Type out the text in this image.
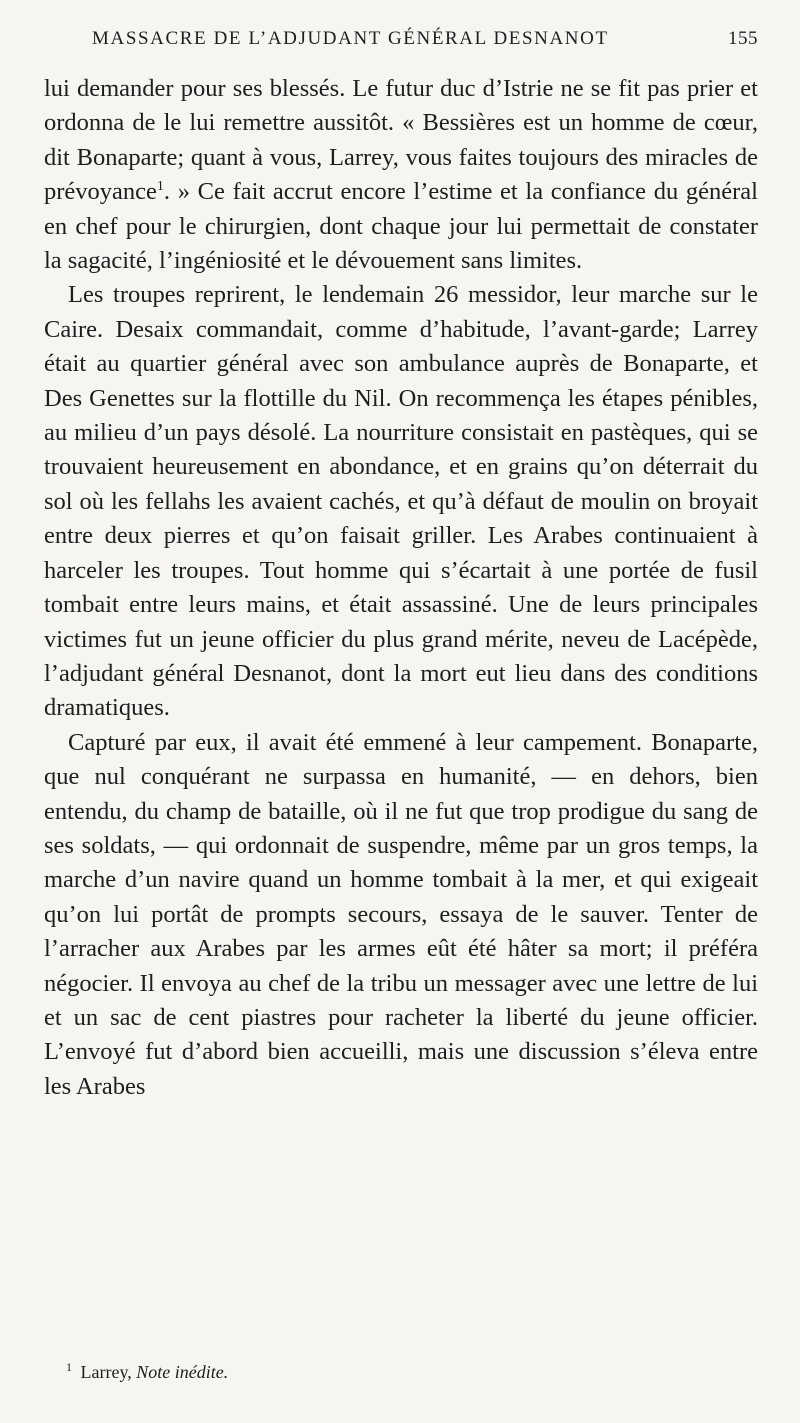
MASSACRE DE L’ADJUDANT GÉNÉRAL DESNANOT	155

lui demander pour ses blessés. Le futur duc d’Istrie ne se fit pas prier et ordonna de le lui remettre aussitôt. « Bessières est un homme de cœur, dit Bonaparte; quant à vous, Larrey, vous faites toujours des miracles de prévoyance$^1$. » Ce fait accrut encore l’estime et la confiance du général en chef pour le chirurgien, dont chaque jour lui permettait de constater la sagacité, l’ingéniosité et le dévouement sans limites.

Les troupes reprirent, le lendemain 26 messidor, leur marche sur le Caire. Desaix commandait, comme d’habitude, l’avant-garde; Larrey était au quartier général avec son ambulance auprès de Bonaparte, et Des Genettes sur la flottille du Nil. On recommença les étapes pénibles, au milieu d’un pays désolé. La nourriture consistait en pastèques, qui se trouvaient heureusement en abondance, et en grains qu’on déterrait du sol où les fellahs les avaient cachés, et qu’à défaut de moulin on broyait entre deux pierres et qu’on faisait griller. Les Arabes continuaient à harceler les troupes. Tout homme qui s’écartait à une portée de fusil tombait entre leurs mains, et était assassiné. Une de leurs principales victimes fut un jeune officier du plus grand mérite, neveu de Lacépède, l’adjudant général Desnanot, dont la mort eut lieu dans des conditions dramatiques.

Capturé par eux, il avait été emmené à leur campement. Bonaparte, que nul conquérant ne surpassa en humanité, — en dehors, bien entendu, du champ de bataille, où il ne fut que trop prodigue du sang de ses soldats, — qui ordonnait de suspendre, même par un gros temps, la marche d’un navire quand un homme tombait à la mer, et qui exigeait qu’on lui portât de prompts secours, essaya de le sauver. Tenter de l’arracher aux Arabes par les armes eût été hâter sa mort; il préféra négocier. Il envoya au chef de la tribu un messager avec une lettre de lui et un sac de cent piastres pour racheter la liberté du jeune officier. L’envoyé fut d’abord bien accueilli, mais une discussion s’éleva entre les Arabes

$^1$ Larrey, Note inédite.
